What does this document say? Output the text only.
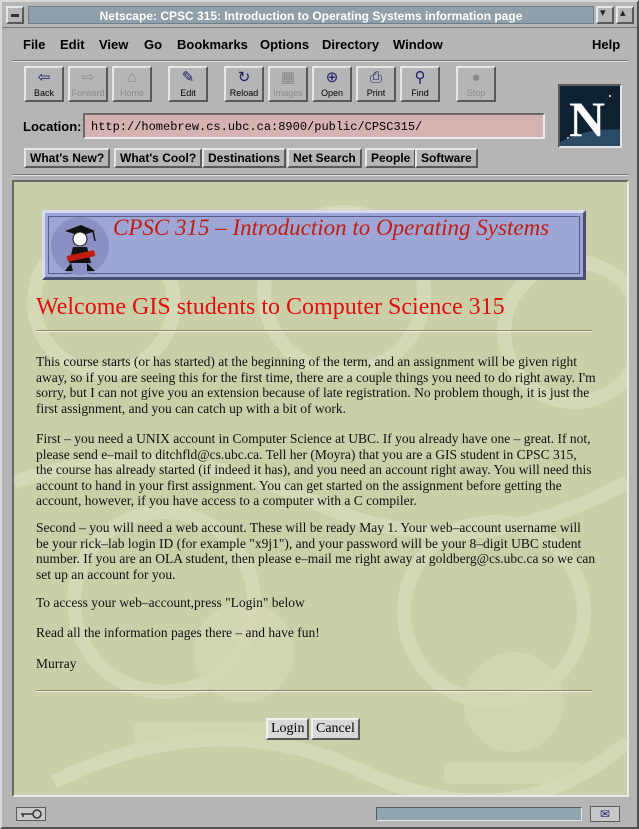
Netscape: CPSC 315: Introduction to Operating Systems information page
▾
▴
File Edit View Go Bookmarks Options Directory Window	Help
⇦
Back
⇨
Forward
⌂
Home
✎
Edit
↻
Reload
▦
Images
⊕
Open
⎙
Print
⚲
Find
●
Stop N
Location: http://homebrew.cs.ubc.ca:8900/public/CPSC315/
What's New?	What's Cool? Destinations	Net Search	People Software
CPSC 315 – Introduction to Operating Systems
Welcome GIS students to Computer Science 315
This course starts (or has started) at the beginning of the term, and an assignment will be given right away, so if you are seeing this for the first time, there are a couple things you need to do right away. I'm sorry, but I can not give you an extension because of late registration. No problem though, it is just the first assignment, and you can catch up with a bit of work.
First – you need a UNIX account in Computer Science at UBC. If you already have one – great. If not, please send e–mail to ditchfld@cs.ubc.ca. Tell her (Moyra) that you are a GIS student in CPSC 315, the course has already started (if indeed it has), and you need an account right away. You will need this account to hand in your first assignment. You can get started on the assignment before getting the account, however, if you have access to a computer with a C compiler.
Second – you will need a web account. These will be ready May 1. Your web–account username will be your rick–lab login ID (for example "x9j1"), and your password will be your 8–digit UBC student number. If you are an OLA student, then please e–mail me right away at goldberg@cs.ubc.ca so we can set up an account for you.
To access your web–account,press "Login" below
Read all the information pages there – and have fun!
Murray
Login Cancel
✉
